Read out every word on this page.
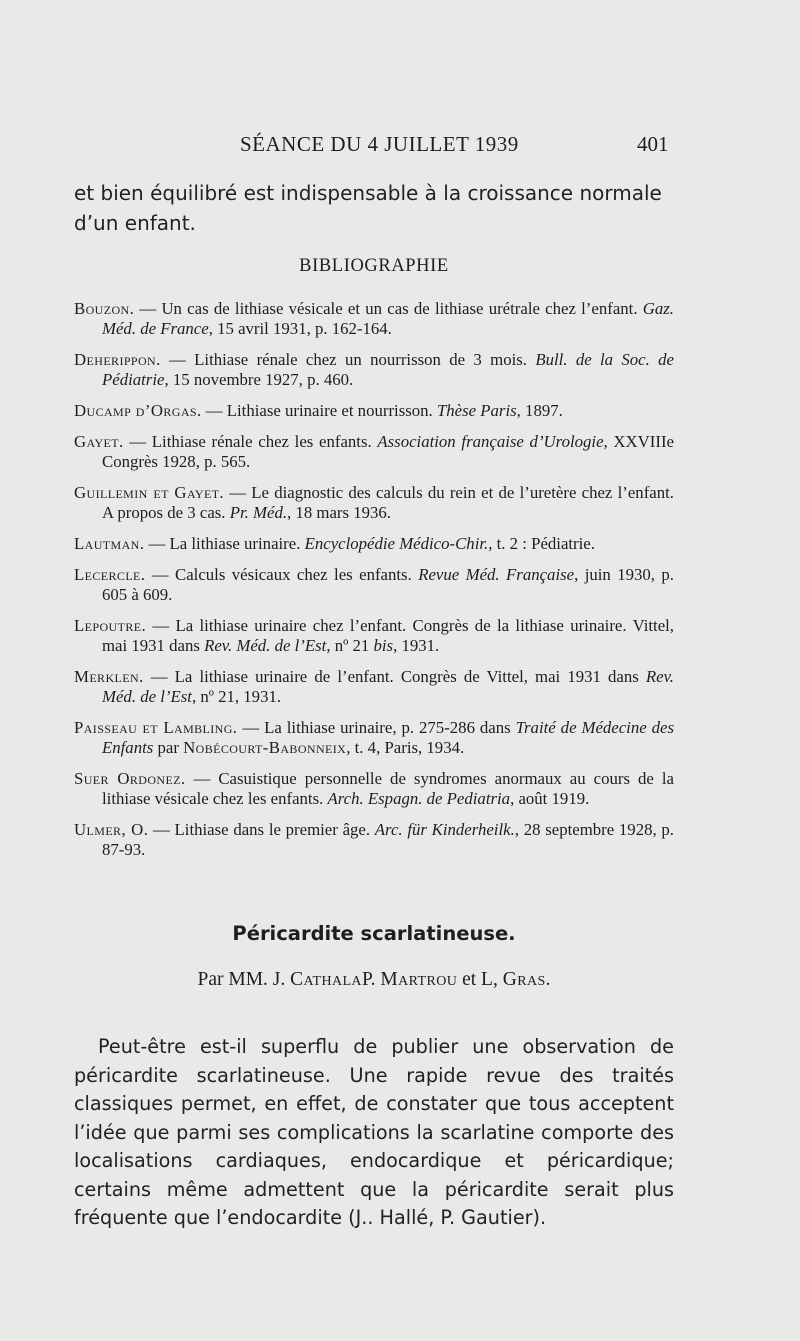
SÉANCE DU 4 JUILLET 1939	401

et bien équilibré est indispensable à la croissance normale d’un enfant.

BIBLIOGRAPHIE

Bouzon. — Un cas de lithiase vésicale et un cas de lithiase urétrale chez l’enfant. Gaz. Méd. de France, 15 avril 1931, p. 162-164.

Deherippon. — Lithiase rénale chez un nourrisson de 3 mois. Bull. de la Soc. de Pédiatrie, 15 novembre 1927, p. 460.

Ducamp d’Orgas. — Lithiase urinaire et nourrisson. Thèse Paris, 1897.

Gayet. — Lithiase rénale chez les enfants. Association française d’Urologie, XXVIIIe Congrès 1928, p. 565.

Guillemin et Gayet. — Le diagnostic des calculs du rein et de l’uretère chez l’enfant. A propos de 3 cas. Pr. Méd., 18 mars 1936.

Lautman. — La lithiase urinaire. Encyclopédie Médico-Chir., t. 2 : Pédiatrie.

Lecercle. — Calculs vésicaux chez les enfants. Revue Méd. Française, juin 1930, p. 605 à 609.

Lepoutre. — La lithiase urinaire chez l’enfant. Congrès de la lithiase urinaire. Vittel, mai 1931 dans Rev. Méd. de l’Est, nº 21 bis, 1931.

Merklen. — La lithiase urinaire de l’enfant. Congrès de Vittel, mai 1931 dans Rev. Méd. de l’Est, nº 21, 1931.

Paisseau et Lambling. — La lithiase urinaire, p. 275-286 dans Traité de Médecine des Enfants par Nobécourt-Babonneix, t. 4, Paris, 1934.

Suer Ordonez. — Casuistique personnelle de syndromes anormaux au cours de la lithiase vésicale chez les enfants. Arch. Espagn. de Pediatria, août 1919.

Ulmer, O. — Lithiase dans le premier âge. Arc. für Kinderheilk., 28 septembre 1928, p. 87-93.

Péricardite scarlatineuse.
Par MM. J. CathalaP. Martrou et L, Gras.

Peut-être est-il superflu de publier une observation de péricardite scarlatineuse. Une rapide revue des traités classiques permet, en effet, de constater que tous acceptent l’idée que parmi ses complications la scarlatine comporte des localisations cardiaques, endocardique et péricardique; certains même admettent que la péricardite serait plus fréquente que l’endocardite (J.. Hallé, P. Gautier).
